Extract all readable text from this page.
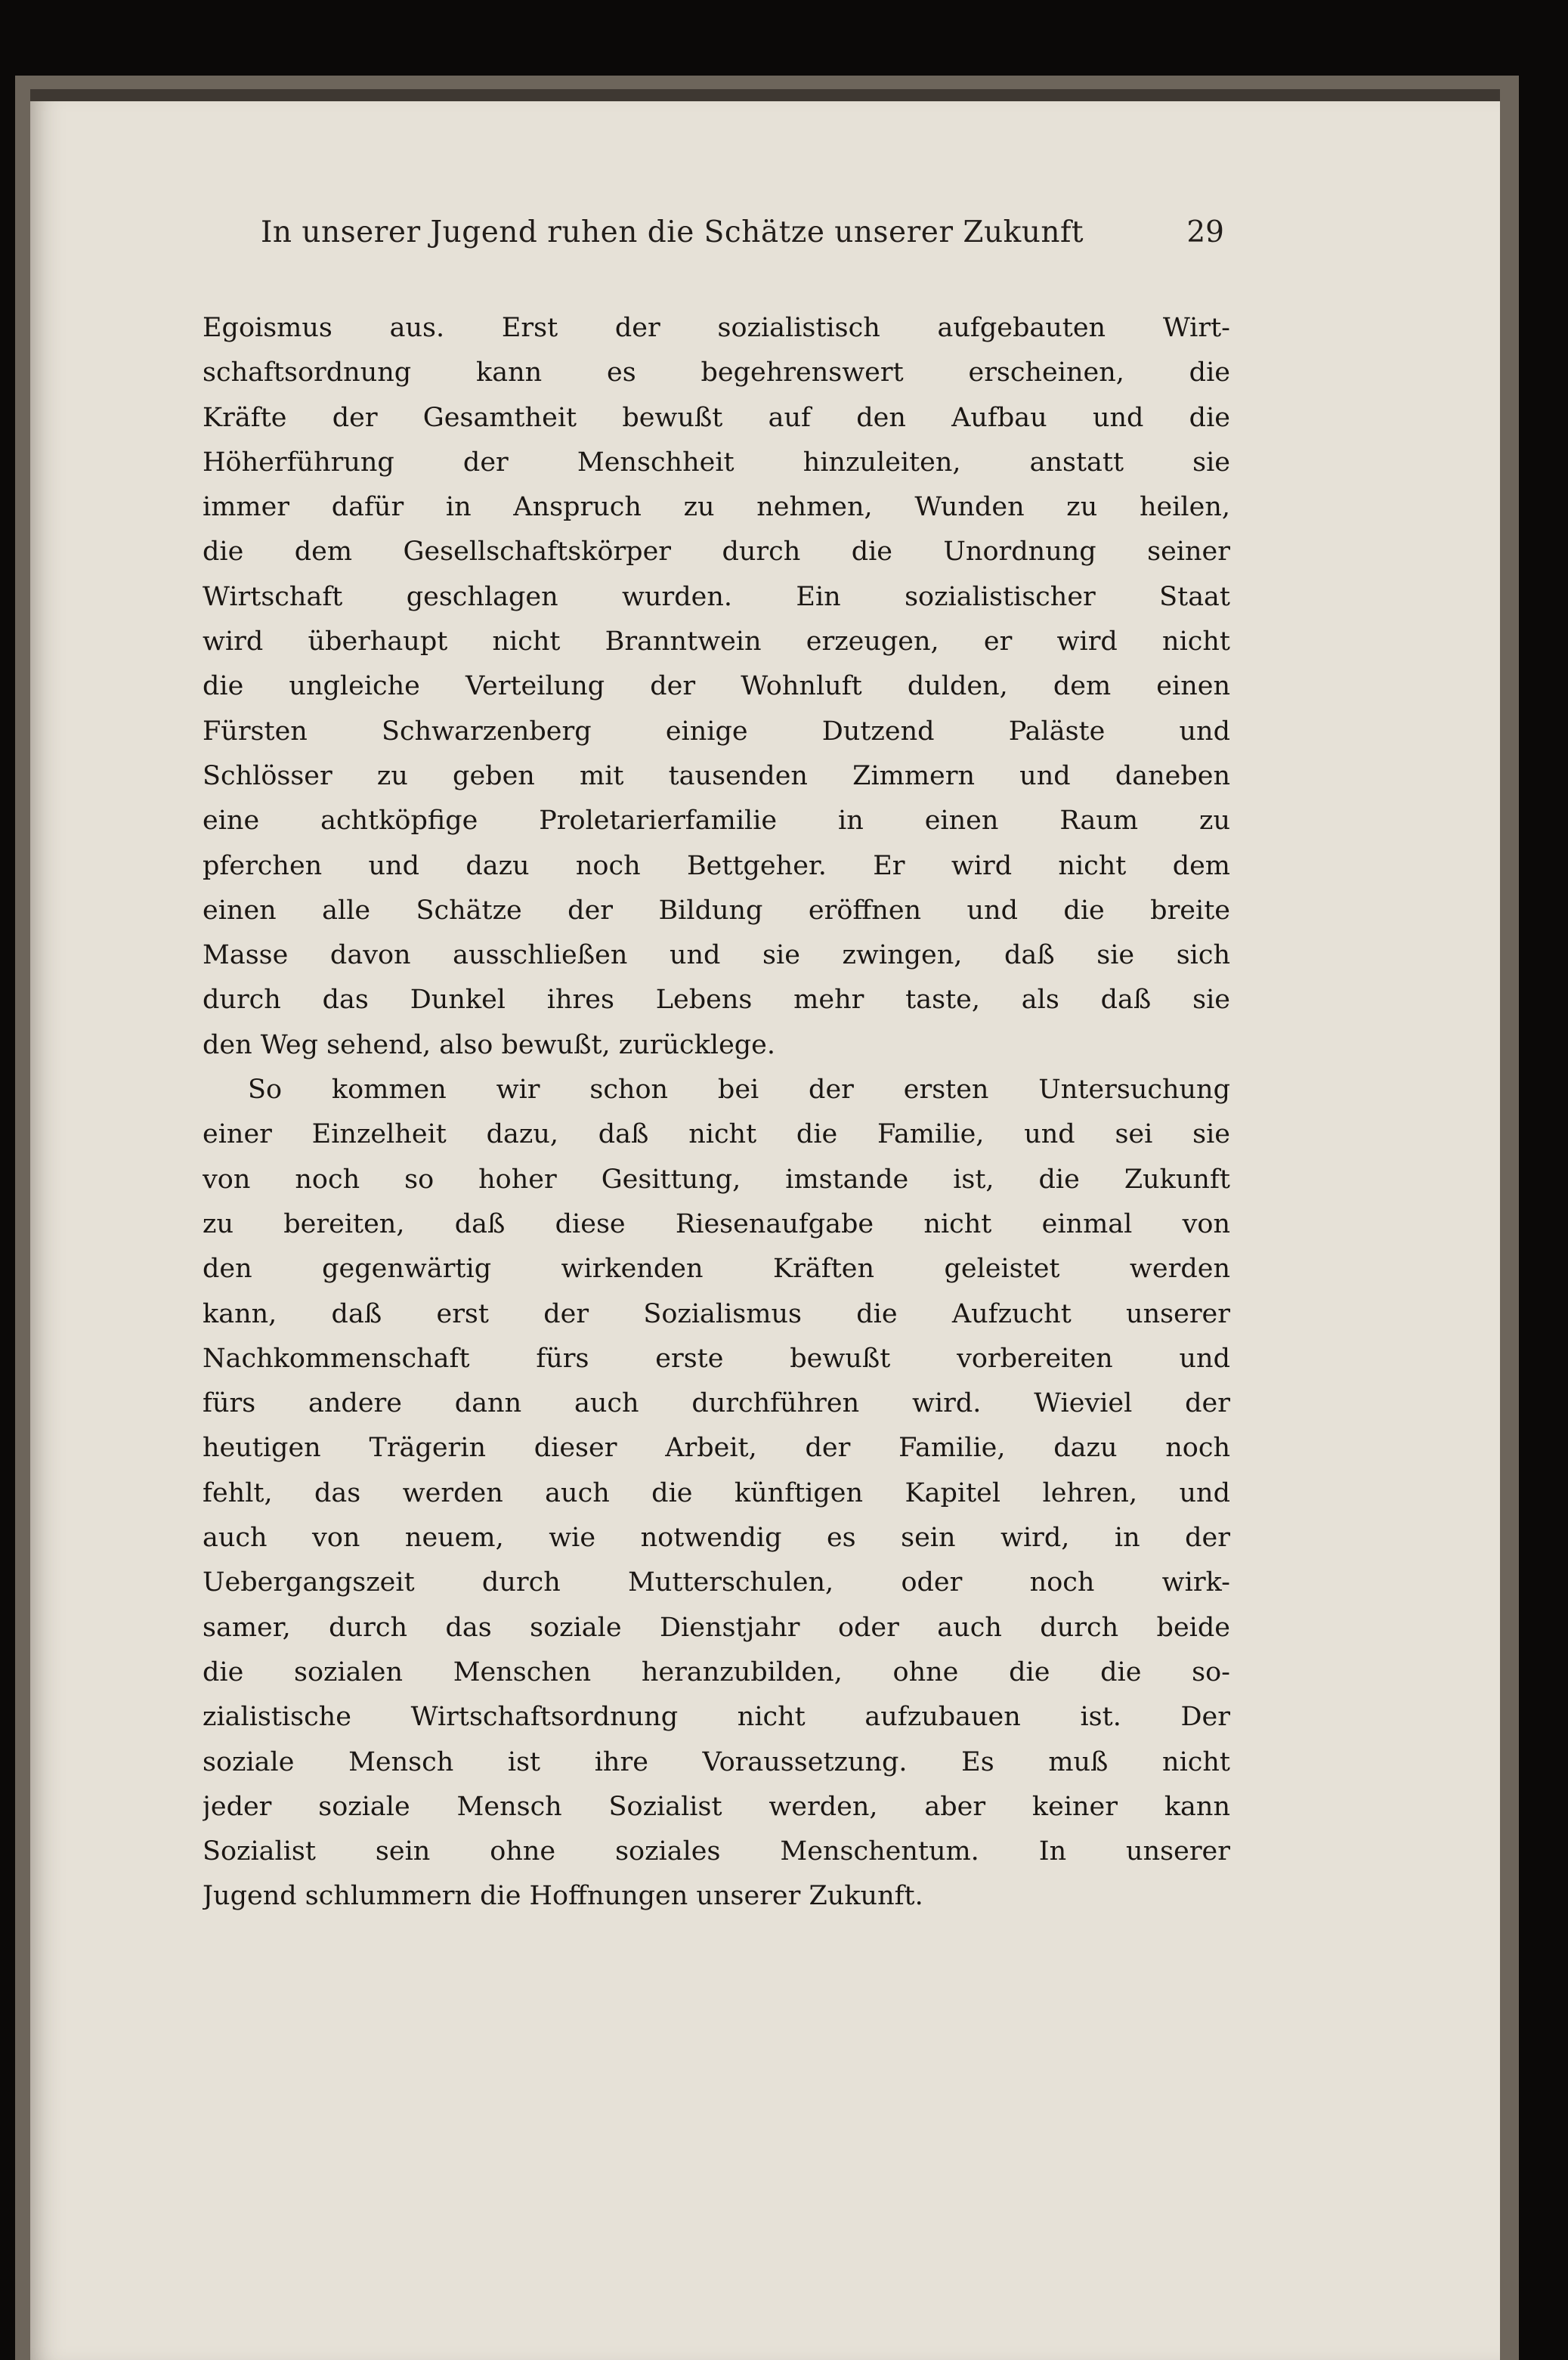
In unserer Jugend ruhen die Schätze unserer Zukunft	29
Egoismus aus. Erst der sozialistisch aufgebauten Wirt-
schaftsordnung kann es begehrenswert erscheinen, die
Kräfte der Gesamtheit bewußt auf den Aufbau und die
Höherführung der Menschheit hinzuleiten, anstatt sie
immer dafür in Anspruch zu nehmen, Wunden zu heilen,
die dem Gesellschaftskörper durch die Unordnung seiner
Wirtschaft geschlagen wurden. Ein sozialistischer Staat
wird überhaupt nicht Branntwein erzeugen, er wird nicht
die ungleiche Verteilung der Wohnluft dulden, dem einen
Fürsten Schwarzenberg einige Dutzend Paläste und
Schlösser zu geben mit tausenden Zimmern und daneben
eine achtköpfige Proletarierfamilie in einen Raum zu
pferchen und dazu noch Bettgeher. Er wird nicht dem
einen alle Schätze der Bildung eröffnen und die breite
Masse davon ausschließen und sie zwingen, daß sie sich
durch das Dunkel ihres Lebens mehr taste, als daß sie
den Weg sehend, also bewußt, zurücklege.
So kommen wir schon bei der ersten Untersuchung
einer Einzelheit dazu, daß nicht die Familie, und sei sie
von noch so hoher Gesittung, imstande ist, die Zukunft
zu bereiten, daß diese Riesenaufgabe nicht einmal von
den gegenwärtig wirkenden Kräften geleistet werden
kann, daß erst der Sozialismus die Aufzucht unserer
Nachkommenschaft fürs erste bewußt vorbereiten und
fürs andere dann auch durchführen wird. Wieviel der
heutigen Trägerin dieser Arbeit, der Familie, dazu noch
fehlt, das werden auch die künftigen Kapitel lehren, und
auch von neuem, wie notwendig es sein wird, in der
Uebergangszeit durch Mutterschulen, oder noch wirk-
samer, durch das soziale Dienstjahr oder auch durch beide
die sozialen Menschen heranzubilden, ohne die die so-
zialistische Wirtschaftsordnung nicht aufzubauen ist. Der
soziale Mensch ist ihre Voraussetzung. Es muß nicht
jeder soziale Mensch Sozialist werden, aber keiner kann
Sozialist sein ohne soziales Menschentum. In unserer
Jugend schlummern die Hoffnungen unserer Zukunft.
